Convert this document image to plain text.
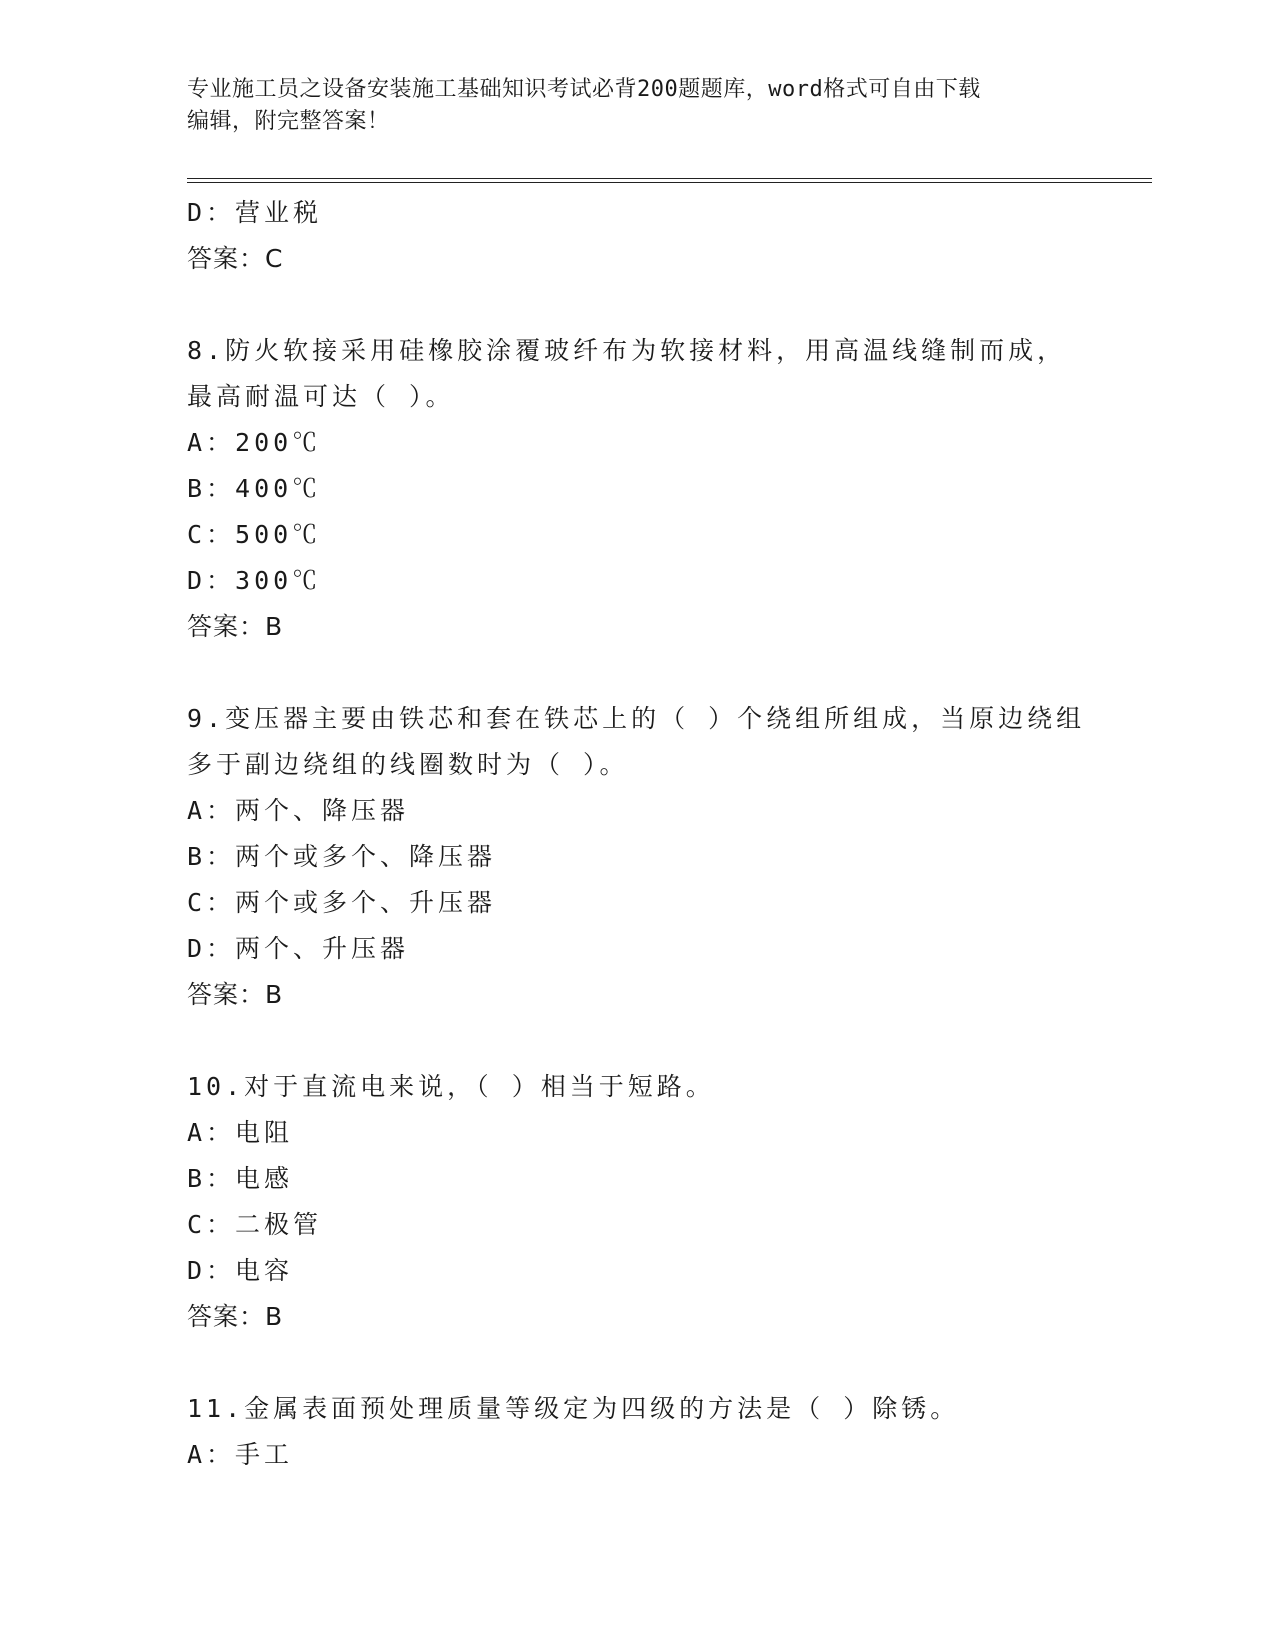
专业施工员之设备安装施工基础知识考试必背200题题库，word格式可自由下载
编辑，附完整答案！
D：营业税
答案：C
8.防火软接采用硅橡胶涂覆玻纤布为软接材料，用高温线缝制而成，
最高耐温可达（ ）。
A：200℃
B：400℃
C：500℃
D：300℃
答案：B
9.变压器主要由铁芯和套在铁芯上的（ ）个绕组所组成，当原边绕组
多于副边绕组的线圈数时为（ ）。
A：两个、降压器
B：两个或多个、降压器
C：两个或多个、升压器
D：两个、升压器
答案：B
10.对于直流电来说，（ ）相当于短路。
A：电阻
B：电感
C：二极管
D：电容
答案：B
11.金属表面预处理质量等级定为四级的方法是（ ）除锈。
A：手工
